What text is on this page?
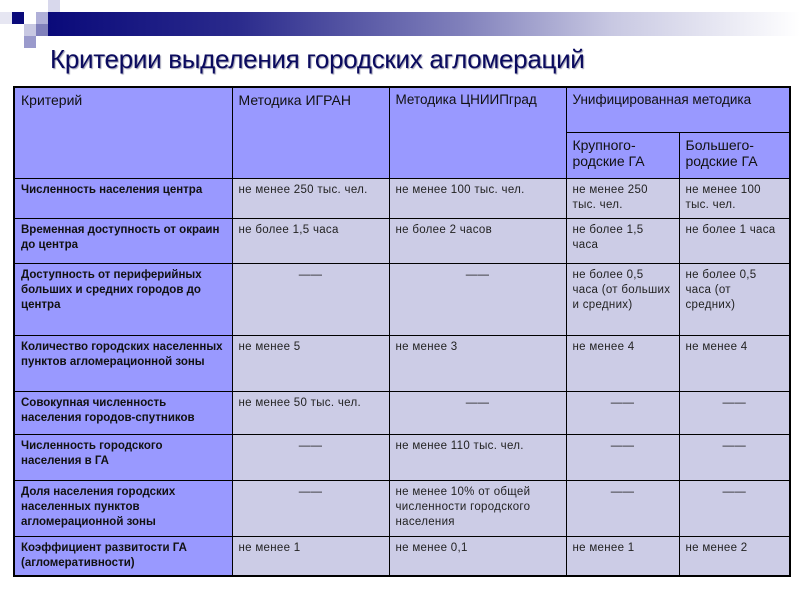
Критерии выделения городских агломераций
Критерий	Методика ИГРАН	Методика ЦНИИПград	Унифицированная методика	
			Крупного-родские ГА	Большего-родские ГА
Численность населения центра	не менее 250 тыс. чел.	не менее 100 тыс. чел.	не менее 250 тыс. чел.	не менее 100 тыс. чел.
Временная доступность от окраин до центра	не более 1,5 часа	не более 2 часов	не более 1,5 часа	не более 1 часа
Доступность от периферийных больших и средних городов до центра	——	——	не более 0,5 часа (от больших и средних)	не более 0,5 часа (от средних)
Количество городских населенных пунктов агломерационной зоны	не менее 5	не менее 3	не менее 4	не менее 4
Совокупная численность населения городов-спутников	не менее 50 тыс. чел.	——	——	——
Численность городского населения в ГА	——	не менее 110 тыс. чел.	——	——
Доля населения городских населенных пунктов агломерационной зоны	——	не менее 10% от общей численности городского населения	——	——
Коэффициент развитости ГА (агломеративности)	не менее 1	не менее 0,1	не менее 1	не менее 2
